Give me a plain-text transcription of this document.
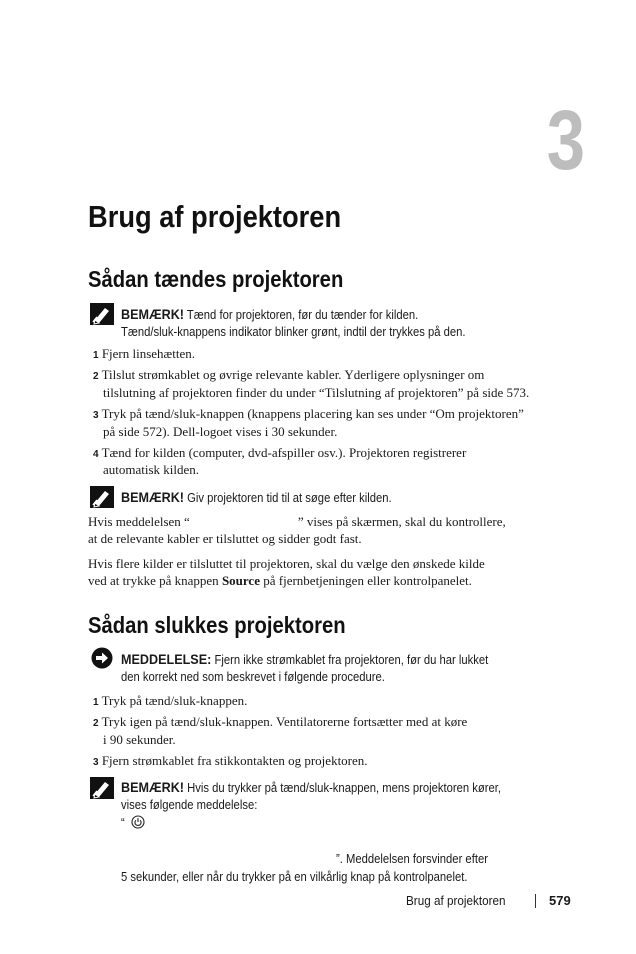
3
Brug af projektoren
Sådan tændes projektoren
BEMÆRK! Tænd for projektoren, før du tænder for kilden.
Tænd/sluk-knappens indikator blinker grønt, indtil der trykkes på den.
1 Fjern linsehætten.
2 Tilslut strømkablet og øvrige relevante kabler. Yderligere oplysninger om
tilslutning af projektoren finder du under “Tilslutning af projektoren” på side 573.
3 Tryk på tænd/sluk-knappen (knappens placering kan ses under “Om projektoren”
på side 572). Dell-logoet vises i 30 sekunder.
4 Tænd for kilden (computer, dvd-afspiller osv.). Projektoren registrerer
automatisk kilden.
BEMÆRK! Giv projektoren tid til at søge efter kilden.
Hvis meddelelsen “	” vises på skærmen, skal du kontrollere,
at de relevante kabler er tilsluttet og sidder godt fast.
Hvis flere kilder er tilsluttet til projektoren, skal du vælge den ønskede kilde
ved at trykke på knappen Source på fjernbetjeningen eller kontrolpanelet.
Sådan slukkes projektoren
MEDDELELSE: Fjern ikke strømkablet fra projektoren, før du har lukket
den korrekt ned som beskrevet i følgende procedure.
1 Tryk på tænd/sluk-knappen.
2 Tryk igen på tænd/sluk-knappen. Ventilatorerne fortsætter med at køre
i 90 sekunder.
3 Fjern strømkablet fra stikkontakten og projektoren.
BEMÆRK! Hvis du trykker på tænd/sluk-knappen, mens projektoren kører,
vises følgende meddelelse:
“
”. Meddelelsen forsvinder efter
5 sekunder, eller når du trykker på en vilkårlig knap på kontrolpanelet.
Brug af projektoren	579
